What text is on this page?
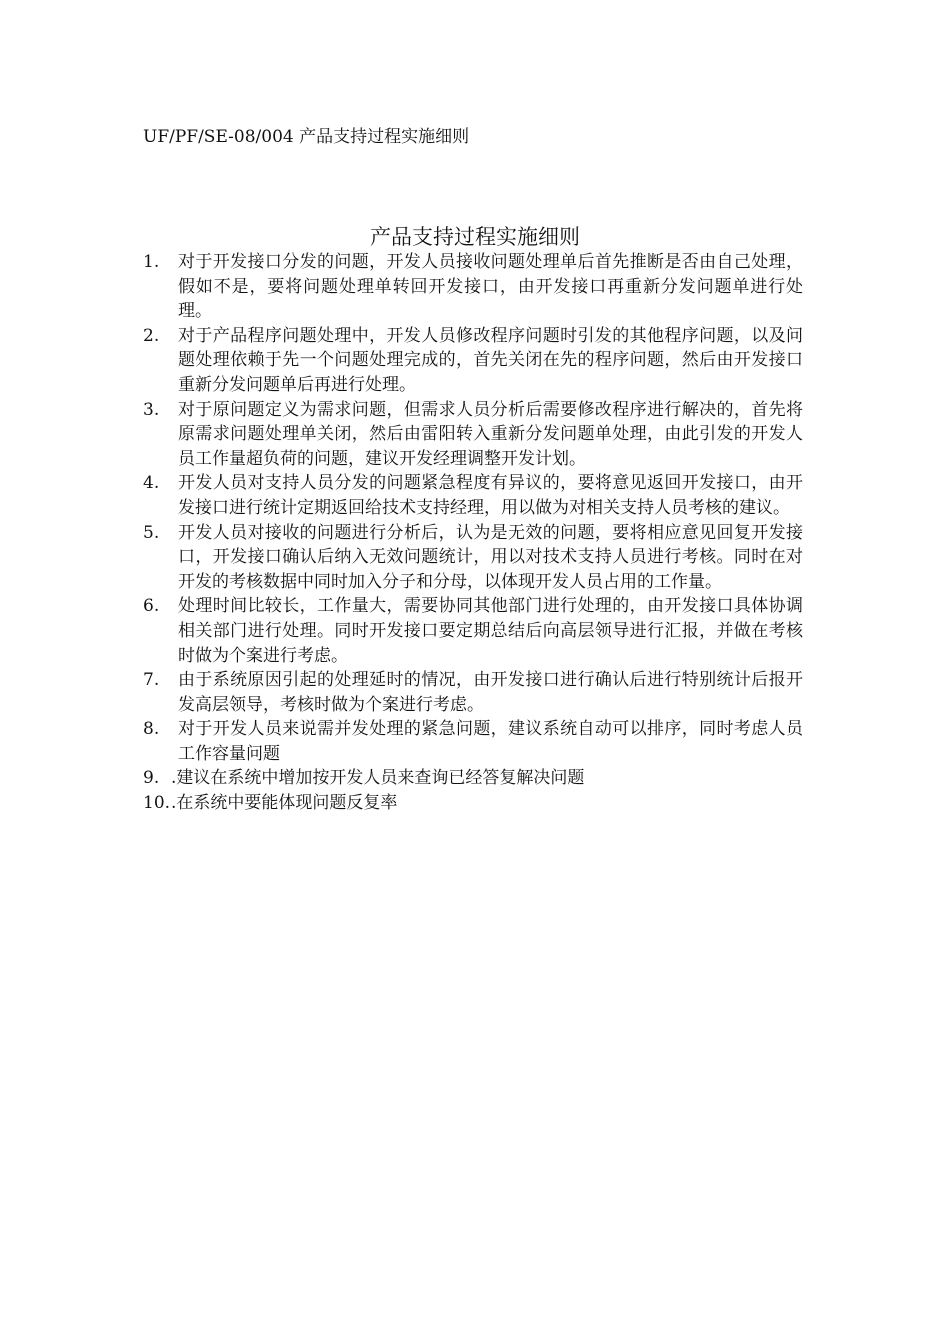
UF/PF/SE-08/004 产品支持过程实施细则
产品支持过程实施细则
1.	对于开发接口分发的问题，开发人员接收问题处理单后首先推断是否由自己处理，假如不是，要将问题处理单转回开发接口，由开发接口再重新分发问题单进行处理。
2.	对于产品程序问题处理中，开发人员修改程序问题时引发的其他程序问题，以及问题处理依赖于先一个问题处理完成的，首先关闭在先的程序问题，然后由开发接口重新分发问题单后再进行处理。
3.	对于原问题定义为需求问题，但需求人员分析后需要修改程序进行解决的，首先将原需求问题处理单关闭，然后由雷阳转入重新分发问题单处理，由此引发的开发人员工作量超负荷的问题，建议开发经理调整开发计划。
4.	开发人员对支持人员分发的问题紧急程度有异议的，要将意见返回开发接口，由开发接口进行统计定期返回给技术支持经理，用以做为对相关支持人员考核的建议。
5.	开发人员对接收的问题进行分析后，认为是无效的问题，要将相应意见回复开发接口，开发接口确认后纳入无效问题统计，用以对技术支持人员进行考核。同时在对开发的考核数据中同时加入分子和分母，以体现开发人员占用的工作量。
6.	处理时间比较长，工作量大，需要协同其他部门进行处理的，由开发接口具体协调相关部门进行处理。同时开发接口要定期总结后向高层领导进行汇报，并做在考核时做为个案进行考虑。
7.	由于系统原因引起的处理延时的情况，由开发接口进行确认后进行特别统计后报开发高层领导，考核时做为个案进行考虑。
8.	对于开发人员来说需并发处理的紧急问题，建议系统自动可以排序，同时考虑人员工作容量问题
9. .建议在系统中增加按开发人员来查询已经答复解决问题
10. .在系统中要能体现问题反复率
